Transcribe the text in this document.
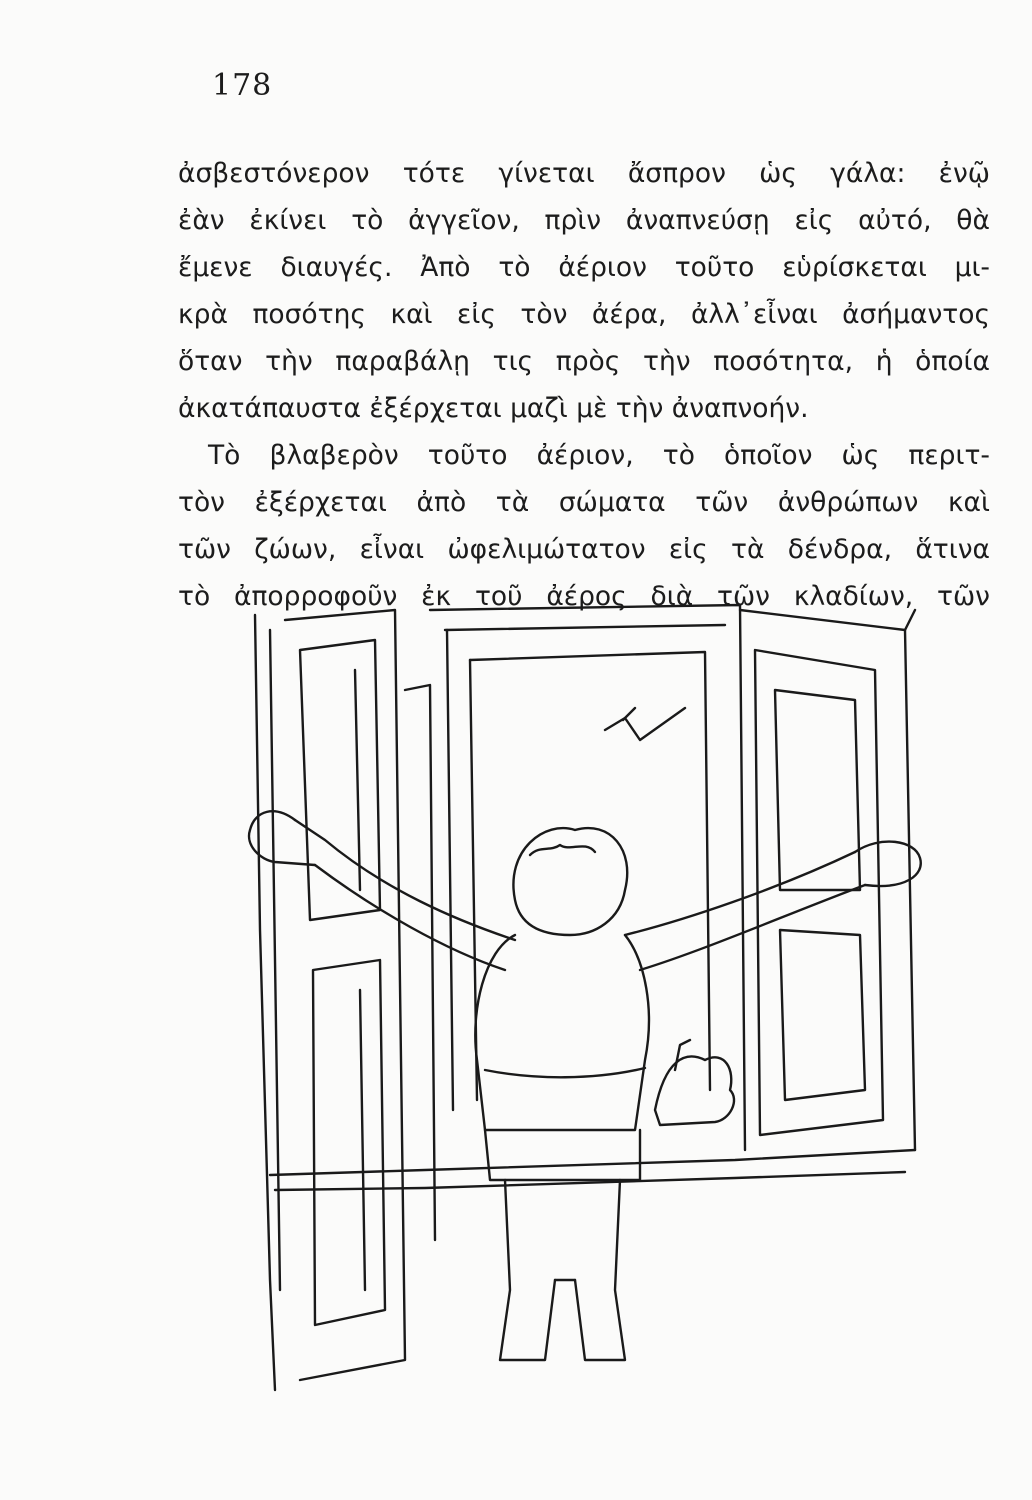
178
ἀσβεστόνερον τότε γίνεται ἄσπρον ὡς γάλα: ἐνῷ
ἐὰν ἐκίνει τὸ ἀγγεῖον, πρὶν ἀναπνεύσῃ εἰς αὐτό, θὰ
ἔμενε διαυγές. Ἀπὸ τὸ ἀέριον τοῦτο εὑρίσκεται μι-
κρὰ ποσότης καὶ εἰς τὸν ἀέρα, ἀλλ᾽εἶναι ἀσήμαντος
ὅταν τὴν παραβάλῃ τις πρὸς τὴν ποσότητα, ἡ ὁποία
ἀκατάπαυστα ἐξέρχεται μαζὶ μὲ τὴν ἀναπνοήν.
Τὸ βλαβερὸν τοῦτο ἀέριον, τὸ ὁποῖον ὡς περιτ-
τὸν ἐξέρχεται ἀπὸ τὰ σώματα τῶν ἀνθρώπων καὶ
τῶν ζώων, εἶναι ὠφελιμώτατον εἰς τὰ δένδρα, ἅτινα
τὸ ἀπορροφοῦν ἐκ τοῦ ἀέρος διὰ τῶν κλαδίων, τῶν
